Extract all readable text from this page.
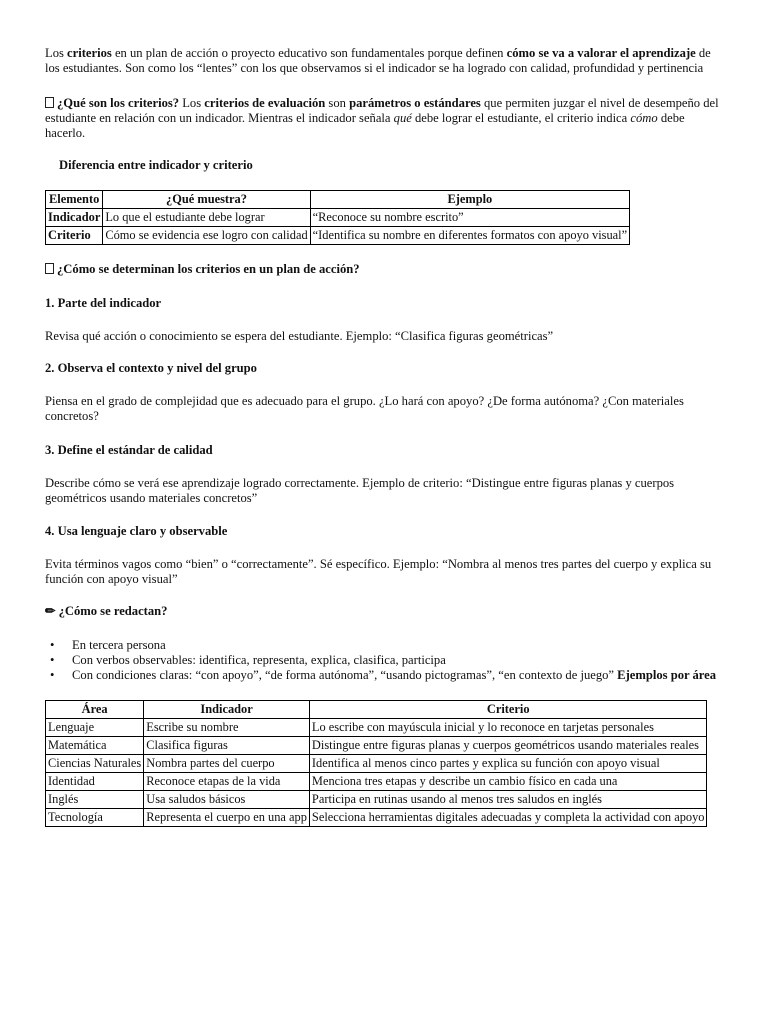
Los criterios en un plan de acción o proyecto educativo son fundamentales porque definen cómo se va a valorar el aprendizaje de los estudiantes. Son como los “lentes” con los que observamos si el indicador se ha logrado con calidad, profundidad y pertinencia

¿Qué son los criterios? Los criterios de evaluación son parámetros o estándares que permiten juzgar el nivel de desempeño del estudiante en relación con un indicador. Mientras el indicador señala qué debe lograr el estudiante, el criterio indica cómo debe hacerlo.

Diferencia entre indicador y criterio

Elemento	¿Qué muestra?	Ejemplo
Indicador	Lo que el estudiante debe lograr	“Reconoce su nombre escrito”
Criterio	Cómo se evidencia ese logro con calidad	“Identifica su nombre en diferentes formatos con apoyo visual”

¿Cómo se determinan los criterios en un plan de acción?

1. Parte del indicador

Revisa qué acción o conocimiento se espera del estudiante. Ejemplo: “Clasifica figuras geométricas”

2. Observa el contexto y nivel del grupo

Piensa en el grado de complejidad que es adecuado para el grupo. ¿Lo hará con apoyo? ¿De forma autónoma? ¿Con materiales concretos?

3. Define el estándar de calidad

Describe cómo se verá ese aprendizaje logrado correctamente. Ejemplo de criterio: “Distingue entre figuras planas y cuerpos geométricos usando materiales concretos”

4. Usa lenguaje claro y observable

Evita términos vagos como “bien” o “correctamente”. Sé específico. Ejemplo: “Nombra al menos tres partes del cuerpo y explica su función con apoyo visual”

✏ ¿Cómo se redactan?

• En tercera persona
• Con verbos observables: identifica, representa, explica, clasifica, participa
• Con condiciones claras: “con apoyo”, “de forma autónoma”, “usando pictogramas”, “en contexto de juego” Ejemplos por área
Área	Indicador	Criterio
Lenguaje	Escribe su nombre	Lo escribe con mayúscula inicial y lo reconoce en tarjetas personales
Matemática	Clasifica figuras	Distingue entre figuras planas y cuerpos geométricos usando materiales reales
Ciencias Naturales	Nombra partes del cuerpo	Identifica al menos cinco partes y explica su función con apoyo visual
Identidad	Reconoce etapas de la vida	Menciona tres etapas y describe un cambio físico en cada una
Inglés	Usa saludos básicos	Participa en rutinas usando al menos tres saludos en inglés
Tecnología	Representa el cuerpo en una app	Selecciona herramientas digitales adecuadas y completa la actividad con apoyo
